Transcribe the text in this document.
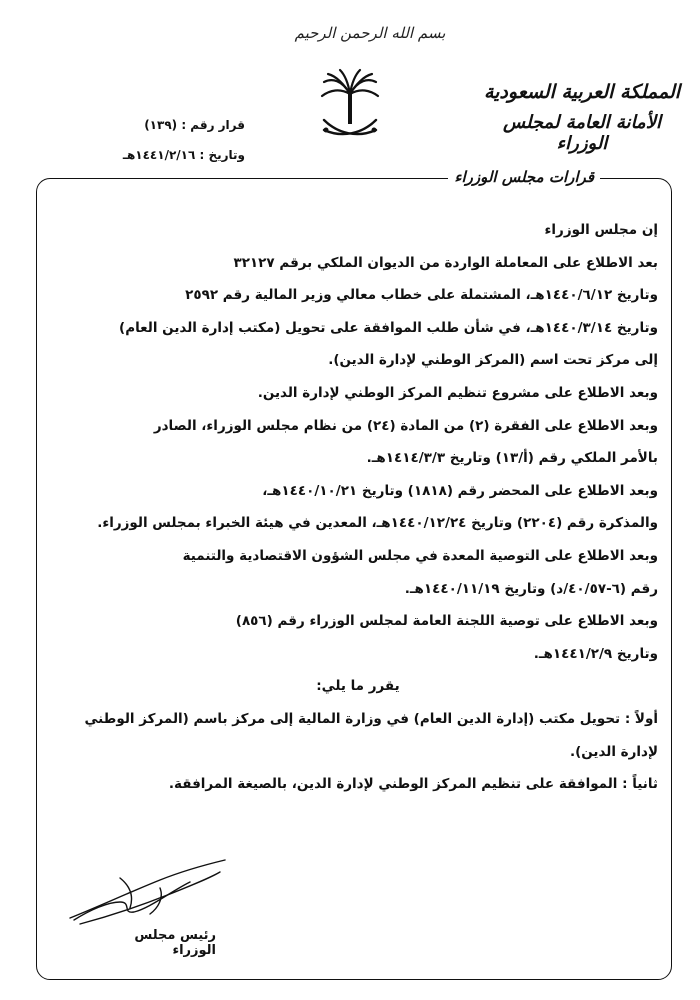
بسم الله الرحمن الرحيم
المملكة العربية السعودية
الأمانة العامة لمجلس الوزراء
قرار رقم : (١٣٩)
وتاريخ : ١٤٤١/٢/١٦هـ
قرارات مجلس الوزراء

إن مجلس الوزراء

بعد الاطلاع على المعاملة الواردة من الديوان الملكي برقم ٣٢١٢٧

وتاريخ ١٤٤٠/٦/١٢هـ، المشتملة على خطاب معالي وزير المالية رقم ٢٥٩٢

وتاريخ ١٤٤٠/٣/١٤هـ، في شأن طلب الموافقة على تحويل (مكتب إدارة الدين العام)

إلى مركز تحت اسم (المركز الوطني لإدارة الدين).

وبعد الاطلاع على مشروع تنظيم المركز الوطني لإدارة الدين.

وبعد الاطلاع على الفقرة (٢) من المادة (٢٤) من نظام مجلس الوزراء، الصادر

بالأمر الملكي رقم (أ/١٣) وتاريخ ١٤١٤/٣/٣هـ.

وبعد الاطلاع على المحضر رقم (١٨١٨) وتاريخ ١٤٤٠/١٠/٢١هـ،

والمذكرة رقم (٢٢٠٤) وتاريخ ١٤٤٠/١٢/٢٤هـ، المعدين في هيئة الخبراء بمجلس الوزراء.

وبعد الاطلاع على التوصية المعدة في مجلس الشؤون الاقتصادية والتنمية

رقم (٦-٤٠/٥٧/د) وتاريخ ١٤٤٠/١١/١٩هـ.

وبعد الاطلاع على توصية اللجنة العامة لمجلس الوزراء رقم (٨٥٦)

وتاريخ ١٤٤١/٢/٩هـ.

يقرر ما يلي:

أولاً : تحويل مكتب (إدارة الدين العام) في وزارة المالية إلى مركز باسم (المركز الوطني

لإدارة الدين).

ثانياً : الموافقة على تنظيم المركز الوطني لإدارة الدين، بالصيغة المرافقة.

رئيس مجلس الوزراء
